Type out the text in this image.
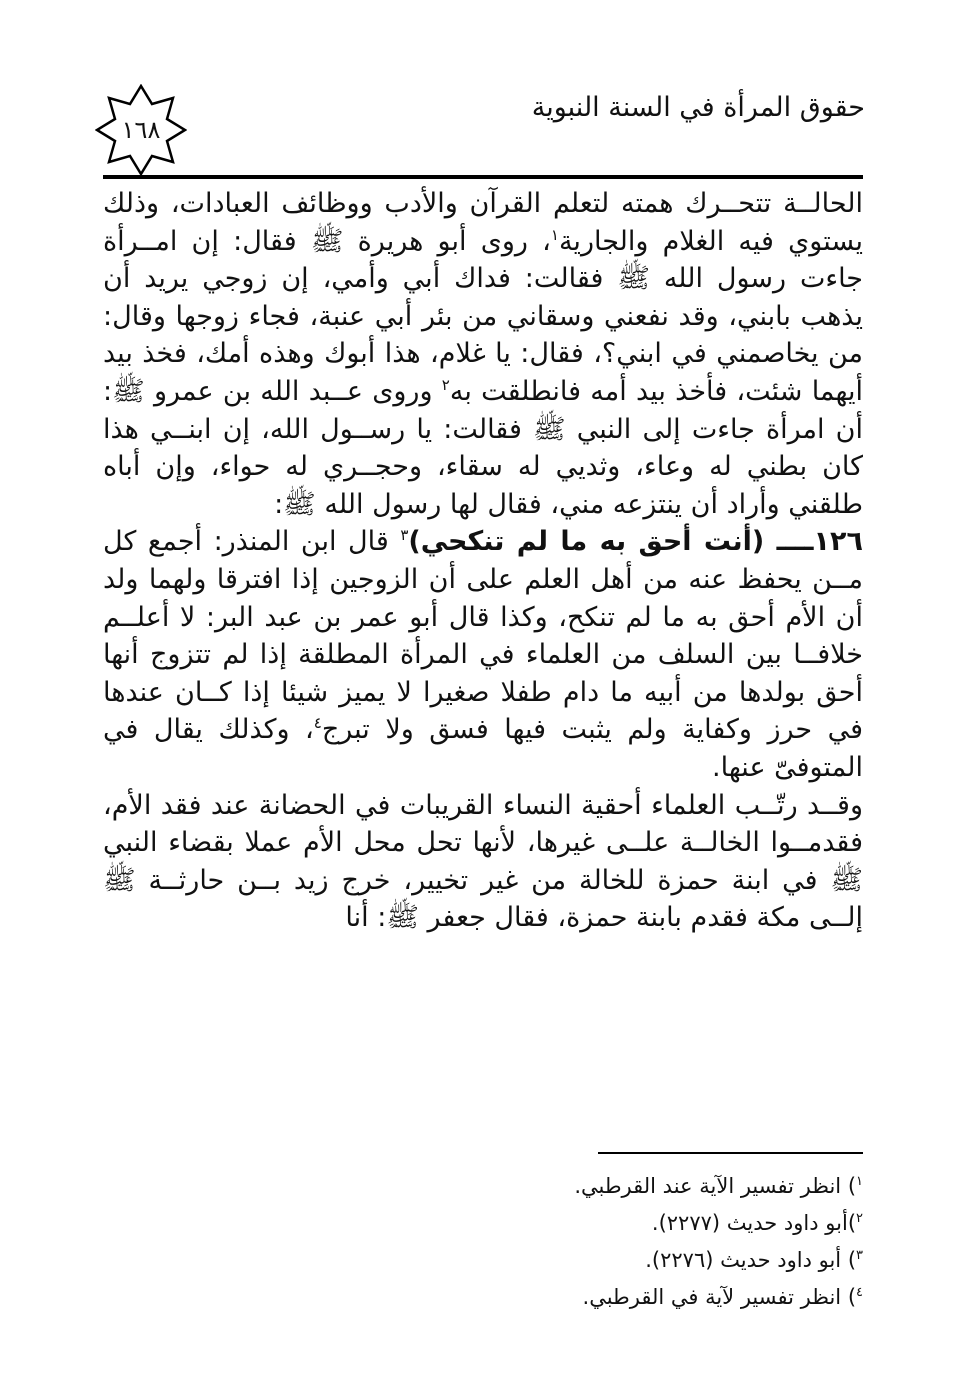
١٦٨
حقوق المرأة في السنة النبوية

الحالــة تتحــرك همته لتعلم القرآن والأدب ووظائف العبادات، وذلك يستوي فيه الغلام والجارية$^١$، روى أبو هريرة ﷺ فقال: إن امــرأة جاءت رسول الله ﷺ فقالت: فداك أبي وأمي، إن زوجي يريد أن يذهب بابني، وقد نفعني وسقاني من بئر أبي عنبة، فجاء زوجها وقال: من يخاصمني في ابني؟، فقال: يا غلام، هذا أبوك وهذه أمك، فخذ بيد أيهما شئت، فأخذ بيد أمه فانطلقت به$^٢$ وروى عــبد الله بن عمرو ﷺ: أن امرأة جاءت إلى النبي ﷺ فقالت: يا رســول الله، إن ابنــي هذا كان بطني له وعاء، وثديي له سقاء، وحجــري له حواء، وإن أباه طلقني وأراد أن ينتزعه مني، فقال لها رسول الله ﷺ:

١٢٦ــــ (أنت أحق به ما لم تنكحي)$^٣$ قال ابن المنذر: أجمع كل مــن يحفظ عنه من أهل العلم على أن الزوجين إذا افترقا ولهما ولد أن الأم أحق به ما لم تنكح، وكذا قال أبو عمر بن عبد البر: لا أعلــم خلافــا بين السلف من العلماء في المرأة المطلقة إذا لم تتزوج أنها أحق بولدها من أبيه ما دام طفلا صغيرا لا يميز شيئا إذا كــان عندها في حرز وكفاية ولم يثبت فيها فسق ولا تبرج$^٤$، وكذلك يقال في المتوفىّ عنها.

وقــد رتّــب العلماء أحقية النساء القريبات في الحضانة عند فقد الأم، فقدمــوا الخالــة علــى غيرها، لأنها تحل محل الأم عملا بقضاء النبي ﷺ في ابنة حمزة للخالة من غير تخيير، خرج زيد بــن حارثــة ﷺ إلــى مكة فقدم بابنة حمزة، فقال جعفر ﷺ: أنا

$^١$) انظر تفسير الآية عند القرطبي.
$^٢$)أبو داود حديث (٢٢٧٧).
$^٣$) أبو داود حديث (٢٢٧٦).
$^٤$) انظر تفسير لآية في القرطبي.
